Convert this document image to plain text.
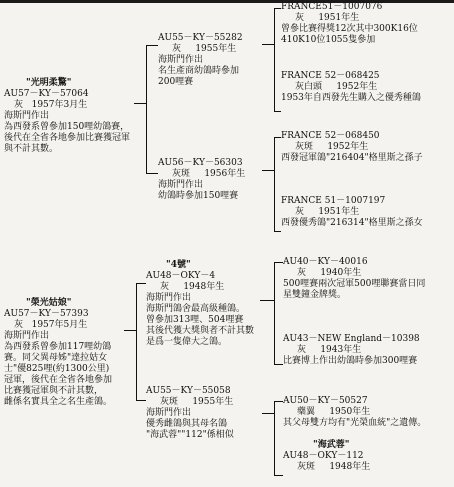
"光明柔驚"
AU57－KY－57064
灰 1957年3月生
海斯門作出
為西發系曾參加150哩幼鴿賽，
後代在全省各地參加比賽獲冠軍
與不計其數。
AU55－KY－55282
灰 1955年生
海斯門作出
名生產商幼鴿時參加
200哩賽
AU56－KY－56303
灰斑 1956年生
海斯門作出
幼鴿時參加150哩賽
FRANCE51－1007076
灰 1951年生
曾參比賽得獎12次其中300K16位
410K10位1055隻參加
FRANCE 52－068425
灰白頭 1952年生
1953年自西發先生購入之優秀種鴿
FRANCE 52－068450
灰斑 1952年生
西發冠軍鴿"216404"格里斯之孫子
FRANCE 51－1007197
灰 1951年生
西發優秀鴿"216314"格里斯之孫女
"榮光姑娘"
AU57－KY－57393
灰 1957年5月生
海斯門作出
為西發系曾參加117哩幼鴿
賽。同父異母姊"達拉姑女
士"優825哩(約1300公里)
冠軍，後代在全省各地參加
比賽獲冠軍與不計其數，
雌係名實具全之名生產鴿。
"4號"
AU48－OKY－4
灰 1948年生
海斯門作出
海斯門鴿舍最高級種鴿。
曾參加313哩、504哩賽
其後代獲大獎與者不計其數
是爲一隻偉大之鴿。
AU55－KY－55058
灰斑 1955年生
海斯門作出
優秀雌鴿與其母名鴿
"海武蓉""112"係相似
AU40－KY－40016
灰 1940年生
500哩賽兩次冠軍500哩聯賽當日同
星雙鐘金牌獎。
AU43－NEW England－10398
灰 1943年生
比賽博上作出幼鴿時參加300哩賽
AU50－KY－50527
藥翼 1950年生
其父母雙方均有"光榮血統"之遺傳。
"海武蓉"
AU48－OKY－112
灰斑 1948年生
